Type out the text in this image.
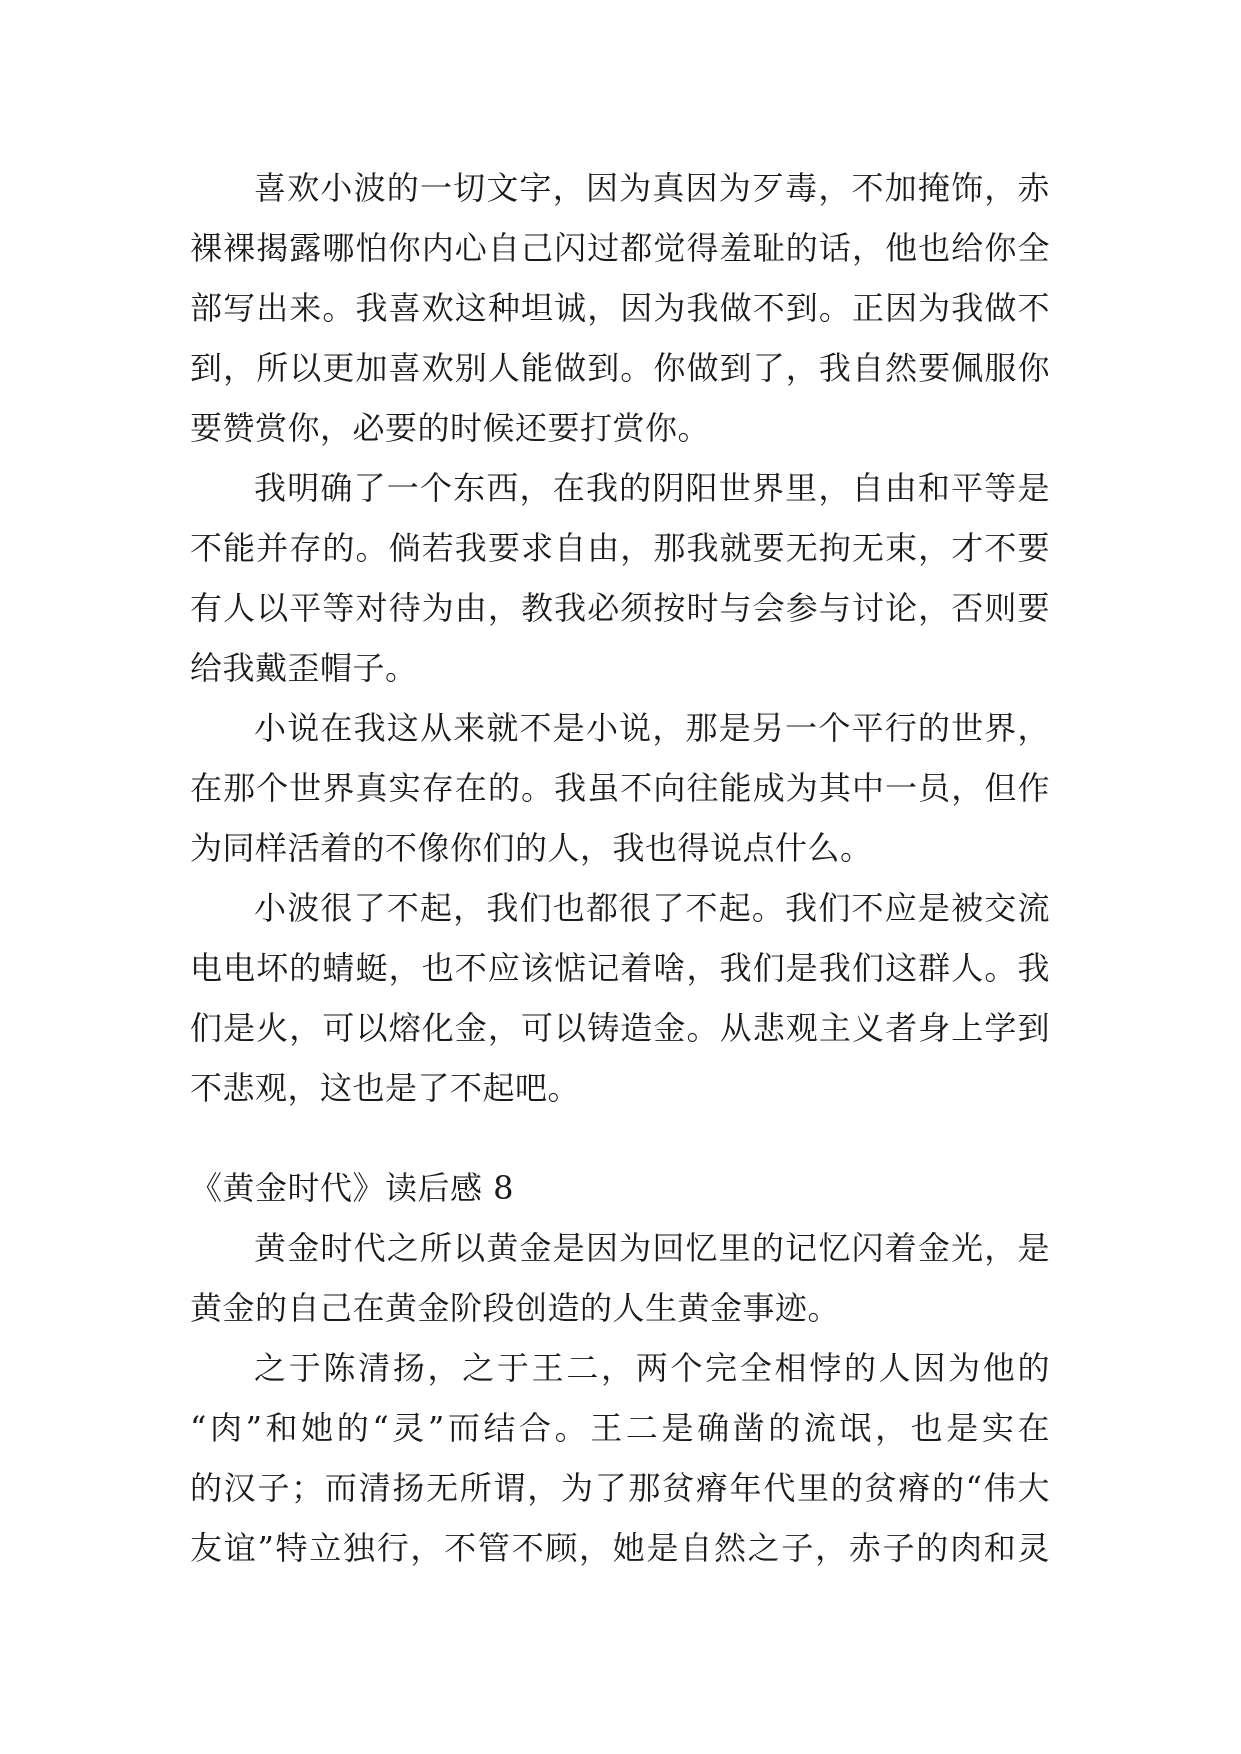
喜欢小波的一切文字，因为真因为歹毒，不加掩饰，赤
裸裸揭露哪怕你内心自己闪过都觉得羞耻的话，他也给你全
部写出来。我喜欢这种坦诚，因为我做不到。正因为我做不
到，所以更加喜欢别人能做到。你做到了，我自然要佩服你
要赞赏你，必要的时候还要打赏你。
我明确了一个东西，在我的阴阳世界里，自由和平等是
不能并存的。倘若我要求自由，那我就要无拘无束，才不要
有人以平等对待为由，教我必须按时与会参与讨论，否则要
给我戴歪帽子。
小说在我这从来就不是小说，那是另一个平行的世界，
在那个世界真实存在的。我虽不向往能成为其中一员，但作
为同样活着的不像你们的人，我也得说点什么。
小波很了不起，我们也都很了不起。我们不应是被交流
电电坏的蜻蜓，也不应该惦记着啥，我们是我们这群人。我
们是火，可以熔化金，可以铸造金。从悲观主义者身上学到
不悲观，这也是了不起吧。
《黄金时代》读后感 8
黄金时代之所以黄金是因为回忆里的记忆闪着金光，是
黄金的自己在黄金阶段创造的人生黄金事迹。
之于陈清扬，之于王二，两个完全相悖的人因为他的
“肉”和她的“灵”而结合。王二是确凿的流氓，也是实在
的汉子；而清扬无所谓，为了那贫瘠年代里的贫瘠的“伟大
友谊”特立独行，不管不顾，她是自然之子，赤子的肉和灵
